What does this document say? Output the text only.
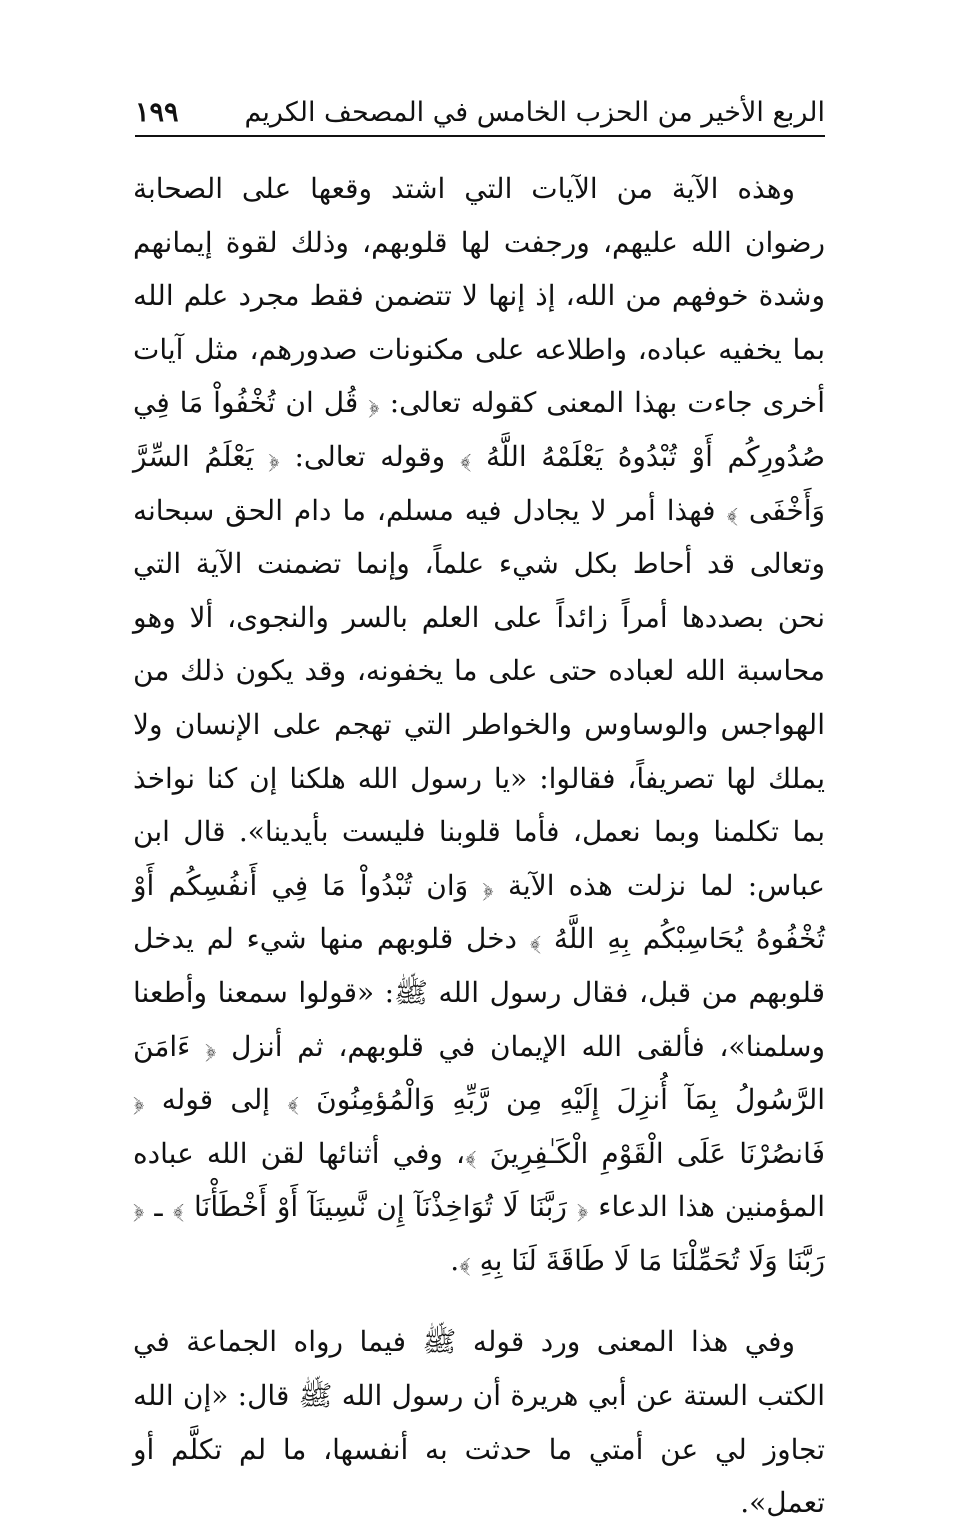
الربع الأخير من الحزب الخامس في المصحف الكريم
١٩٩

وهذه الآية من الآيات التي اشتد وقعها على الصحابة رضوان الله عليهم، ورجفت لها قلوبهم، وذلك لقوة إيمانهم وشدة خوفهم من الله، إذ إنها لا تتضمن فقط مجرد علم الله بما يخفيه عباده، واطلاعه على مكنونات صدورهم، مثل آيات أخرى جاءت بهذا المعنى كقوله تعالى: ﴿ قُل ان تُخْفُواْ مَا فِي صُدُورِكُم أَوْ تُبْدُوهُ يَعْلَمْهُ اللَّهُ ﴾ وقوله تعالى: ﴿ يَعْلَمُ السِّرَّ وَأَخْفَى ﴾ فهذا أمر لا يجادل فيه مسلم، ما دام الحق سبحانه وتعالى قد أحاط بكل شيء علماً، وإنما تضمنت الآية التي نحن بصددها أمراً زائداً على العلم بالسر والنجوى، ألا وهو محاسبة الله لعباده حتى على ما يخفونه، وقد يكون ذلك من الهواجس والوساوس والخواطر التي تهجم على الإنسان ولا يملك لها تصريفاً، فقالوا: «يا رسول الله هلكنا إن كنا نواخذ بما تكلمنا وبما نعمل، فأما قلوبنا فليست بأيدينا». قال ابن عباس: لما نزلت هذه الآية ﴿ وَان تُبْدُواْ مَا فِي أَنفُسِكُم أَوْ تُخْفُوهُ يُحَاسِبْكُم بِهِ اللَّهُ ﴾ دخل قلوبهم منها شيء لم يدخل قلوبهم من قبل، فقال رسول الله ﷺ: «قولوا سمعنا وأطعنا وسلمنا»، فألقى الله الإيمان في قلوبهم، ثم أنزل ﴿ ءَامَنَ الرَّسُولُ بِمَآ أُنزِلَ إِلَيْهِ مِن رَّبِّهِ وَالْمُؤمِنُونَ ﴾ إلى قوله ﴿ فَانصُرْنَا عَلَى الْقَوْمِ الْكَـٰفِرِينَ ﴾، وفي أثنائها لقن الله عباده المؤمنين هذا الدعاء ﴿ رَبَّنَا لَا تُوَاخِذْنَآ إِن نَّسِينَآ أَوْ أَخْطَأْنَا ﴾ ـ ﴿ رَبَّنَا وَلَا تُحَمِّلْنَا مَا لَا طَاقَةَ لَنَا بِهِ ﴾.

وفي هذا المعنى ورد قوله ﷺ فيما رواه الجماعة في الكتب الستة عن أبي هريرة أن رسول الله ﷺ قال: «إن الله تجاوز لي عن أمتي ما حدثت به أنفسها، ما لم تكلَّم أو تعمل».
